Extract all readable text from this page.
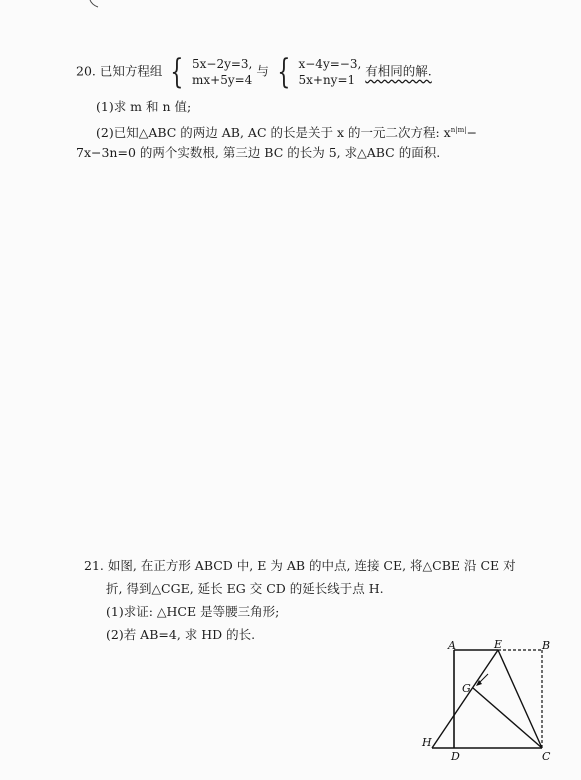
20. 已知方程组 { 5x−2y=3,
mx+5y=4
与 { x−4y=−3,
5x+ny=1
有相同的解.
(1)求 m 和 n 值;
(2)已知△ABC 的两边 AB, AC 的长是关于 x 的一元二次方程: $x^{n|m|}-$
7x−3n=0 的两个实数根, 第三边 BC 的长为 5, 求△ABC 的面积.
21. 如图, 在正方形 ABCD 中, E 为 AB 的中点, 连接 CE, 将△CBE 沿 CE 对
折, 得到△CGE, 延长 EG 交 CD 的延长线于点 H.
(1)求证: △HCE 是等腰三角形;
(2)若 AB=4, 求 HD 的长.
A	E	B
G
H
D	C
